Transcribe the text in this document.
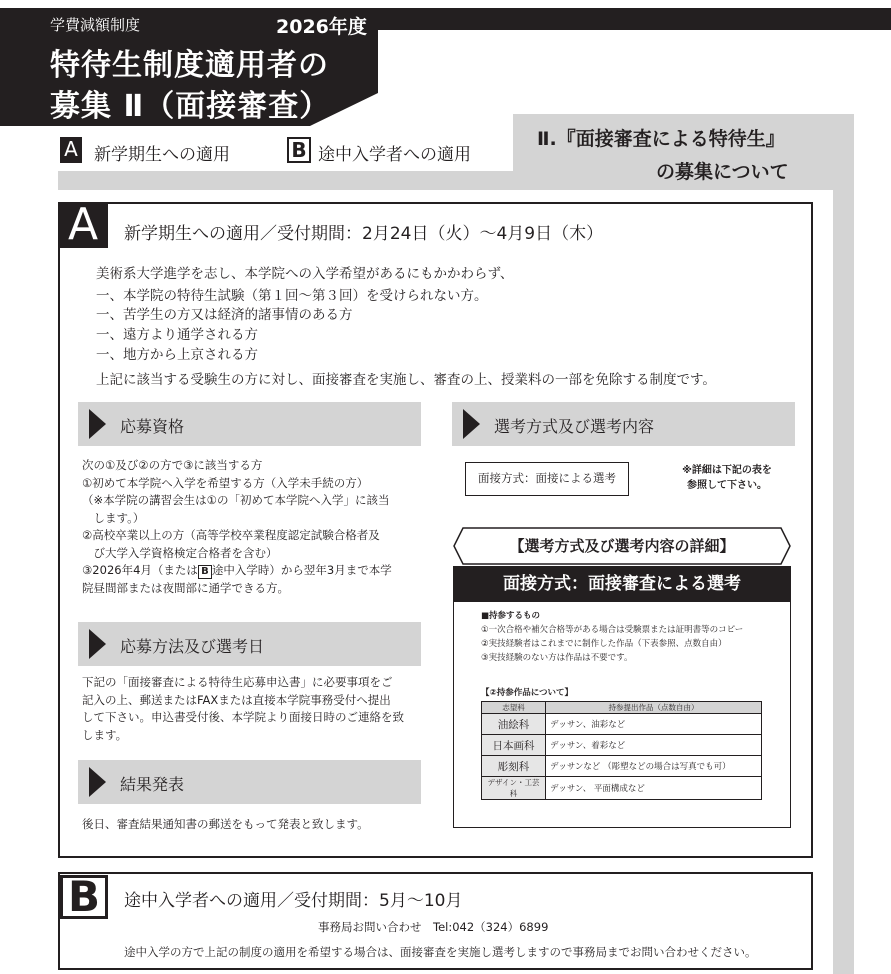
学費減額制度	2026年度
特待生制度適用者の
募集 Ⅱ（面接審査）
A 新学期生への適用	B 途中入学者への適用
Ⅱ.『面接審査による特待生』
の募集について
A	新学期生への適用／受付期間：2月24日（火）～4月9日（木）
美術系大学進学を志し、本学院への入学希望があるにもかかわらず、
一、本学院の特待生試験（第１回～第３回）を受けられない方。
一、苦学生の方又は経済的諸事情のある方
一、遠方より通学される方
一、地方から上京される方
上記に該当する受験生の方に対し、面接審査を実施し、審査の上、授業料の一部を免除する制度です。
応募資格
次の①及び②の方で③に該当する方
①初めて本学院へ入学を希望する方（入学未手続の方）
（※本学院の講習会生は①の「初めて本学院へ入学」に該当
　します。）
②高校卒業以上の方（高等学校卒業程度認定試験合格者及
　び大学入学資格検定合格者を含む）
③2026年4月（または B 途中入学時）から翌年3月まで本学
院昼間部または夜間部に通学できる方。
応募方法及び選考日
下記の「面接審査による特待生応募申込書」に必要事項をご
記入の上、郵送またはFAXまたは直接本学院事務受付へ提出
して下さい。申込書受付後、本学院より面接日時のご連絡を致
します。
結果発表
後日、審査結果通知書の郵送をもって発表と致します。
選考方式及び選考内容
面接方式：面接による選考
※詳細は下記の表を
参照して下さい。
【選考方式及び選考内容の詳細】
面接方式：面接審査による選考
■持参するもの
①一次合格や補欠合格等がある場合は受験票または証明書等のコピー
②実技経験者はこれまでに制作した作品（下表参照、点数自由）
③実技経験のない方は作品は不要です。
【②持参作品について】
志望科	持参提出作品（点数自由）
油絵科	デッサン、油彩など
日本画科	デッサン、着彩など
彫刻科	デッサンなど （彫塑などの場合は写真でも可）
デザイン・工芸科	デッサン、 平面構成など
B	途中入学者への適用／受付期間：5月～10月
事務局お問い合わせ　Tel:042（324）6899
途中入学の方で上記の制度の適用を希望する場合は、面接審査を実施し選考しますので事務局までお問い合わせください。
